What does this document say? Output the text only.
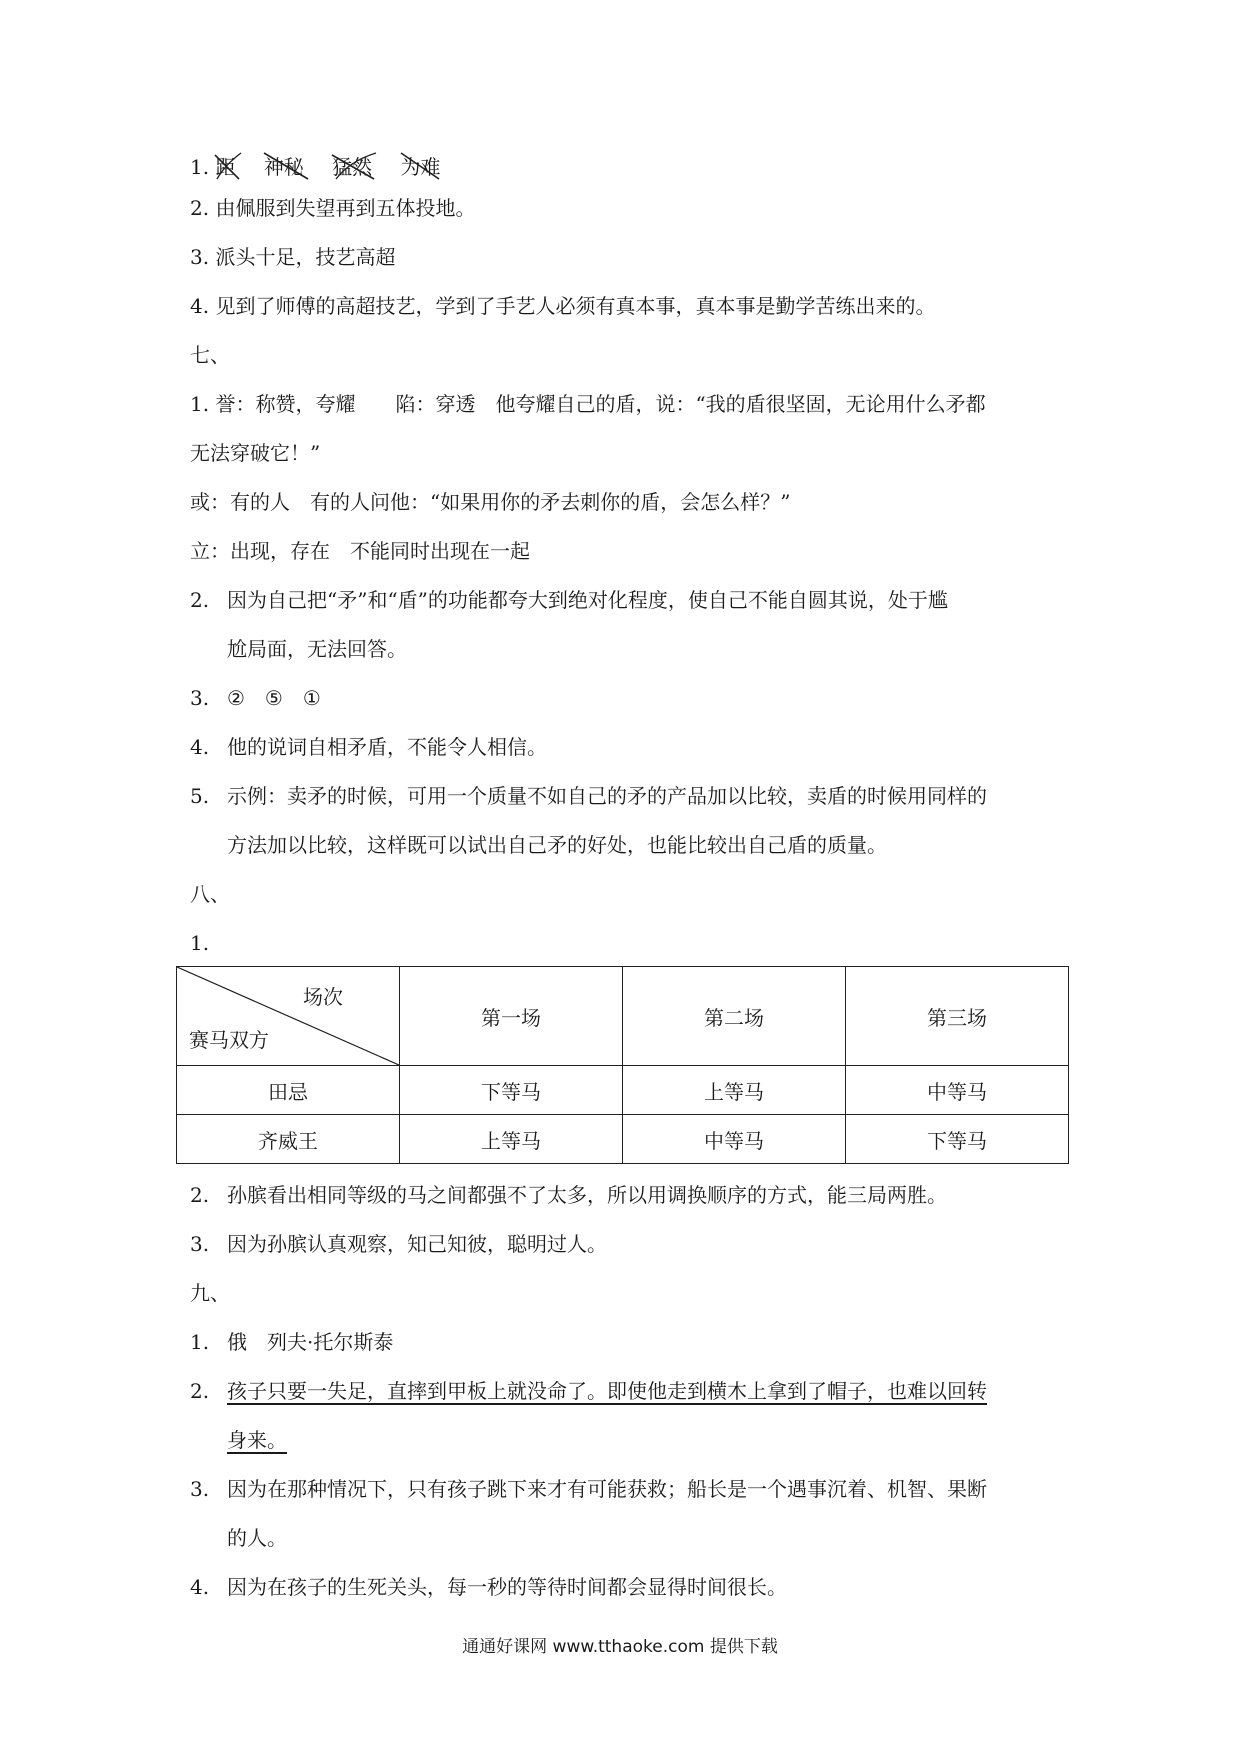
1. 距 神秘 猛然 为难
2. 由佩服到失望再到五体投地。
3. 派头十足，技艺高超
4. 见到了师傅的高超技艺，学到了手艺人必须有真本事，真本事是勤学苦练出来的。
七、
1. 誉：称赞，夸耀　　陷：穿透　他夸耀自己的盾，说：“我的盾很坚固，无论用什么矛都
无法穿破它！”
或：有的人　有的人问他：“如果用你的矛去刺你的盾，会怎么样？”
立：出现，存在　不能同时出现在一起
2. 因为自己把“矛”和“盾”的功能都夸大到绝对化程度，使自己不能自圆其说，处于尴
尬局面，无法回答。
3. ②　⑤　①
4. 他的说词自相矛盾，不能令人相信。
5. 示例：卖矛的时候，可用一个质量不如自己的矛的产品加以比较，卖盾的时候用同样的
方法加以比较，这样既可以试出自己矛的好处，也能比较出自己盾的质量。
八、
1.
场次
赛马双方	第一场	第二场	第三场
田忌	下等马	上等马	中等马
齐威王	上等马	中等马	下等马
2. 孙膑看出相同等级的马之间都强不了太多，所以用调换顺序的方式，能三局两胜。
3. 因为孙膑认真观察，知己知彼，聪明过人。
九、
1. 俄　列夫·托尔斯泰
2. 孩子只要一失足，直摔到甲板上就没命了。即使他走到横木上拿到了帽子，也难以回转
身来。
3. 因为在那种情况下，只有孩子跳下来才有可能获救；船长是一个遇事沉着、机智、果断
的人。
4. 因为在孩子的生死关头，每一秒的等待时间都会显得时间很长。
通通好课网 www.tthaoke.com 提供下载
